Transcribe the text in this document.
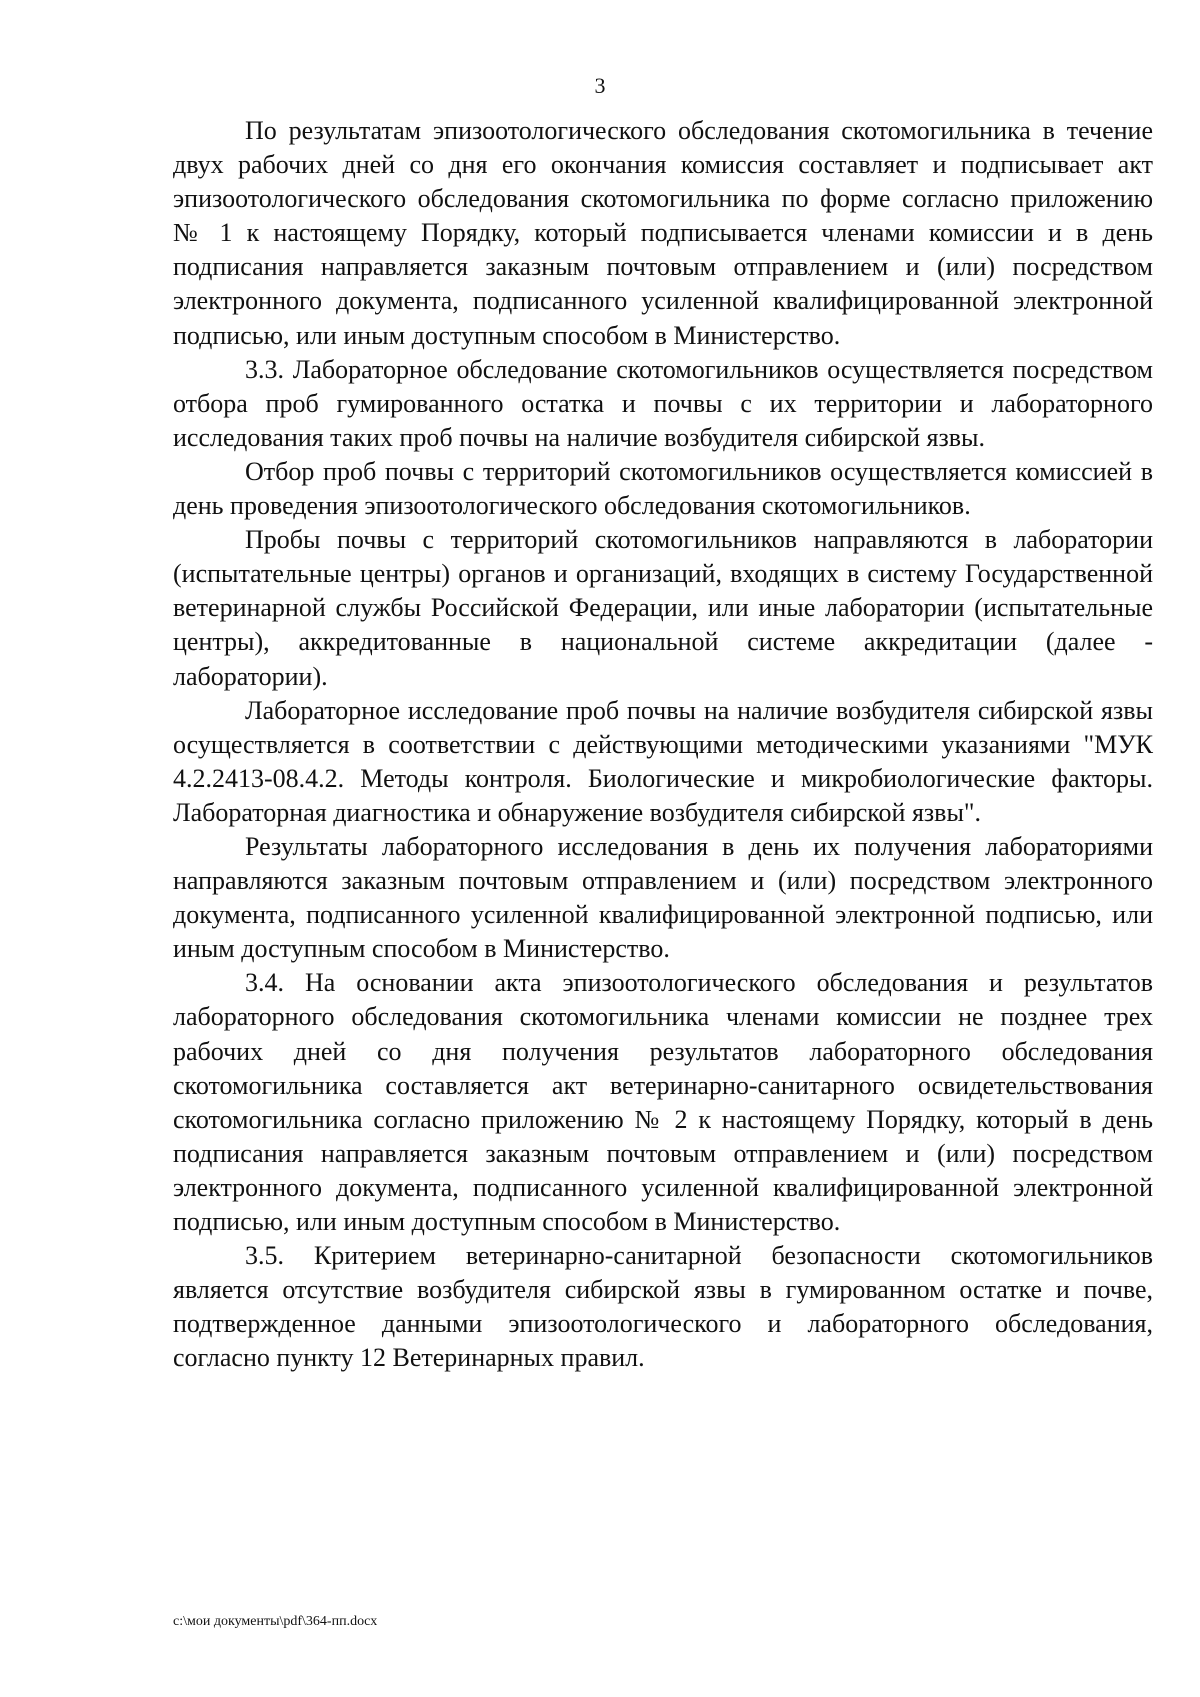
3

По результатам эпизоотологического обследования скотомогильника в течение двух рабочих дней со дня его окончания комиссия составляет и подписывает акт эпизоотологического обследования скотомогильника по форме согласно приложению № 1 к настоящему Порядку, который подписывается членами комиссии и в день подписания направляется заказным почтовым отправлением и (или) посредством электронного документа, подписанного усиленной квалифицированной электронной подписью, или иным доступным способом в Министерство.

3.3. Лабораторное обследование скотомогильников осуществляется посредством отбора проб гумированного остатка и почвы с их территории и лабораторного исследования таких проб почвы на наличие возбудителя сибирской язвы.

Отбор проб почвы с территорий скотомогильников осуществляется комиссией в день проведения эпизоотологического обследования скотомогильников.

Пробы почвы с территорий скотомогильников направляются в лаборатории (испытательные центры) органов и организаций, входящих в систему Государственной ветеринарной службы Российской Федерации, или иные лаборатории (испытательные центры), аккредитованные в национальной системе аккредитации (далее - лаборатории).

Лабораторное исследование проб почвы на наличие возбудителя сибирской язвы осуществляется в соответствии с действующими методическими указаниями "МУК 4.2.2413-08.4.2. Методы контроля. Биологические и микробиологические факторы. Лабораторная диагностика и обнаружение возбудителя сибирской язвы".

Результаты лабораторного исследования в день их получения лабораториями направляются заказным почтовым отправлением и (или) посредством электронного документа, подписанного усиленной квалифицированной электронной подписью, или иным доступным способом в Министерство.

3.4. На основании акта эпизоотологического обследования и результатов лабораторного обследования скотомогильника членами комиссии не позднее трех рабочих дней со дня получения результатов лабораторного обследования скотомогильника составляется акт ветеринарно-санитарного освидетельствования скотомогильника согласно приложению № 2 к настоящему Порядку, который в день подписания направляется заказным почтовым отправлением и (или) посредством электронного документа, подписанного усиленной квалифицированной электронной подписью, или иным доступным способом в Министерство.

3.5. Критерием ветеринарно-санитарной безопасности скотомогильников является отсутствие возбудителя сибирской язвы в гумированном остатке и почве, подтвержденное данными эпизоотологического и лабораторного обследования, согласно пункту 12 Ветеринарных правил.

c:\мои документы\pdf\364-пп.docx
